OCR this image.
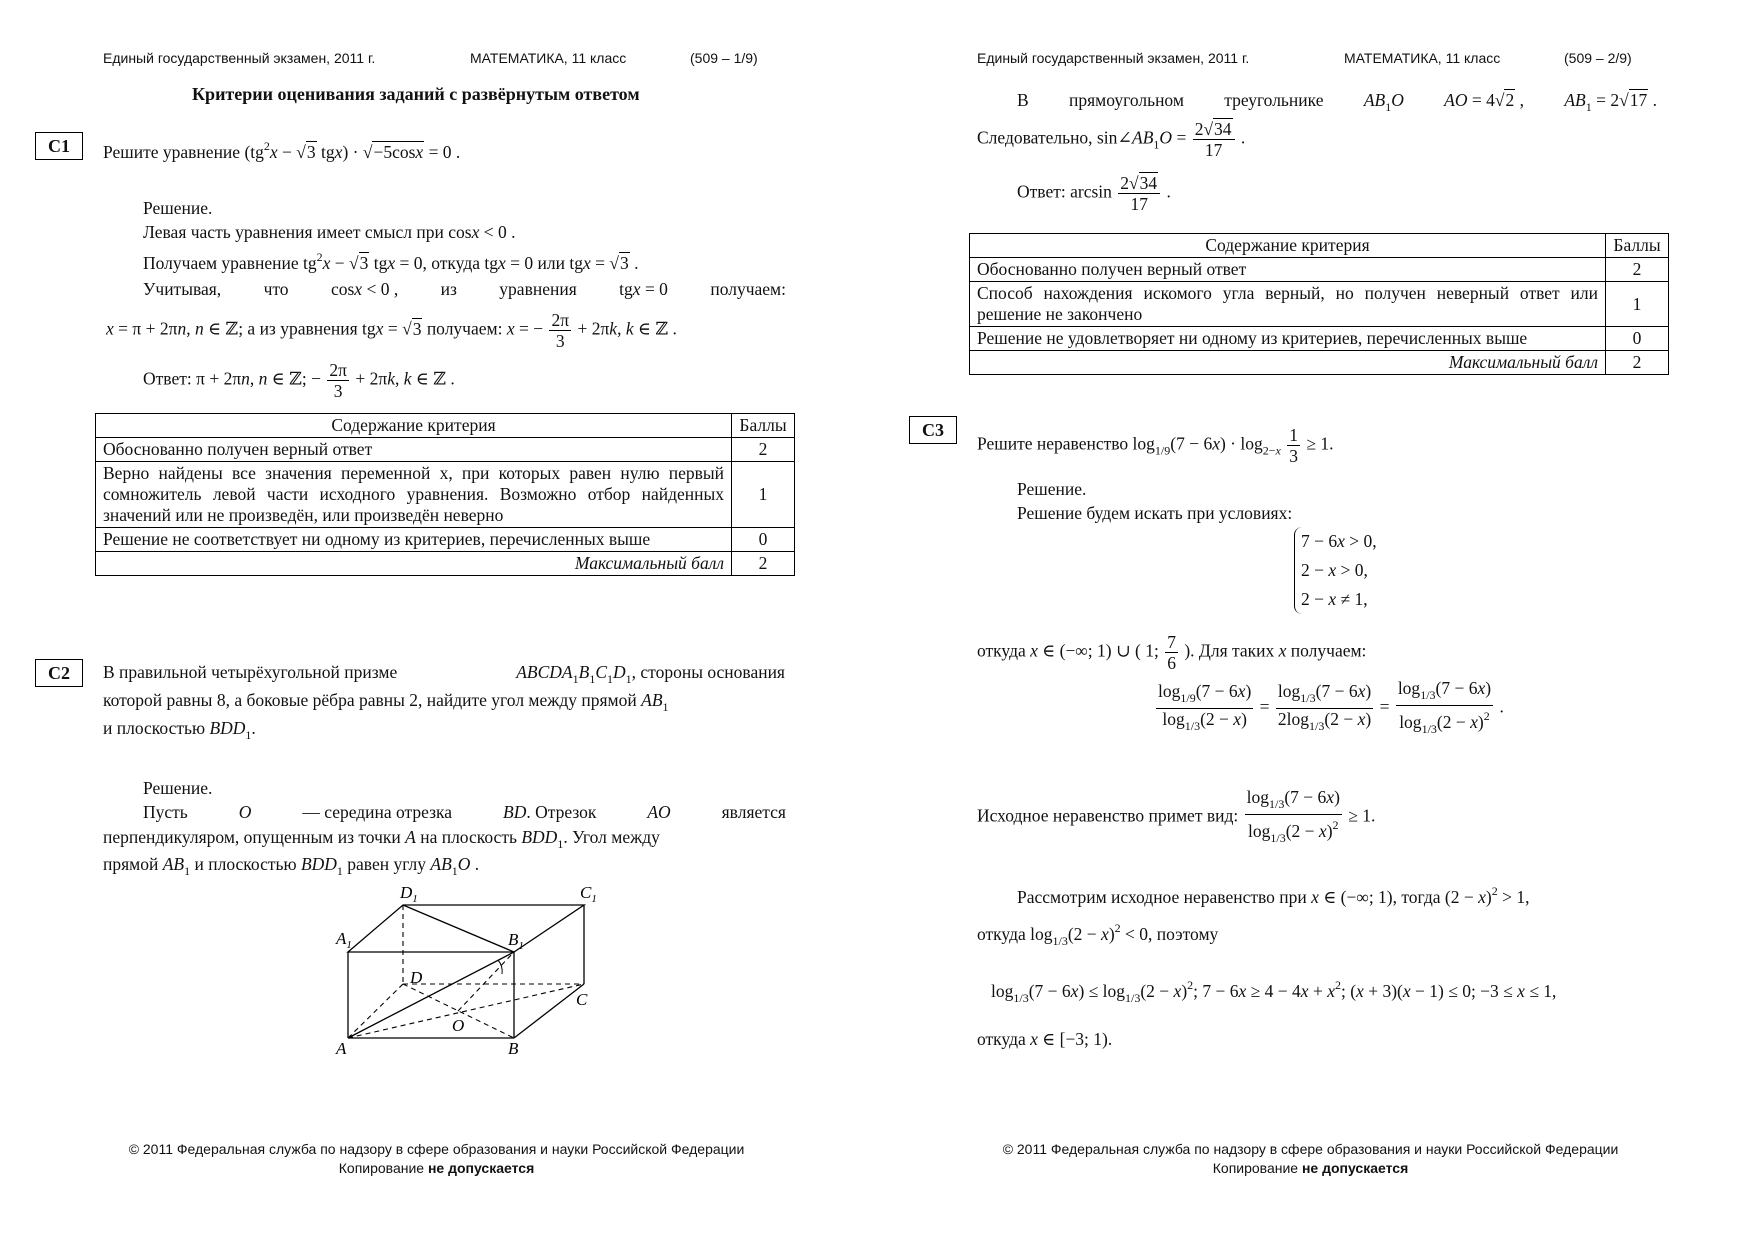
Единый государственный экзамен, 2011 г.	МАТЕМАТИКА, 11 класс	(509 – 1/9)
Критерии оценивания заданий с развёрнутым ответом
C1	Решите уравнение ($tg^2x - √3$ tgx) · √−5cosx = 0 .
Решение.
Левая часть уравнения имеет смысл при cosx < 0 .
Получаем уравнение $tg^2x - √3$ tgx = 0, откуда tgx = 0 или tgx = √3 .
Учитывая, что cosx < 0 , из уравнения tgx = 0 получаем:
x = π + 2πn, n ∈ ℤ; а из уравнения tgx = √3 получаем: x = − $\frac{2\pi}{3} + 2\pi k$, k ∈ ℤ .
Ответ: π + 2πn, n ∈ ℤ; − $\frac{2\pi}{3} + 2\pi k$, k ∈ ℤ .
Содержание критерия	Баллы
Обоснованно получен верный ответ	2
Верно найдены все значения переменной x, при которых равен нулю первый сомножитель левой части исходного уравнения. Возможно отбор найденных значений или не произведён, или произведён неверно	1
Решение не соответствует ни одному из критериев, перечисленных выше	0
Максимальный балл	2
C2	В правильной четырёхугольной призме	$ABCDA_1B_1C_1D_1$, стороны основания
которой равны 8, а боковые рёбра равны 2, найдите угол между прямой $AB_1$
и плоскостью $BDD_1$.
Решение.
Пусть	O	— середина отрезка	BD. Отрезок	AO	является
перпендикуляром, опущенным из точки A на плоскость $BDD_1$. Угол между
прямой $AB_1$ и плоскостью $BDD_1$ равен углу $AB_1O$ .
$D_1$	$C_1$
$A_1$	$B_1$
D
C
O
A	B
© 2011 Федеральная служба по надзору в сфере образования и науки Российской Федерации
Копирование не допускается
Единый государственный экзамен, 2011 г.	МАТЕМАТИКА, 11 класс	(509 – 2/9)
В прямоугольном треугольнике $AB_1O$ AO = 4√2 , $AB_1 = 2√17$ .
Следовательно, $\sin\angle AB_1O = \frac{2√34}{17}$ .
Ответ: $\arcsin \frac{2√34}{17}$ .
Содержание критерия	Баллы
Обоснованно получен верный ответ	2
Способ нахождения искомого угла верный, но получен неверный ответ или решение не закончено	1
Решение не удовлетворяет ни одному из критериев, перечисленных выше	0
Максимальный балл	2
C3
Решите неравенство $\log_{1/9}(7 - 6x) \cdot \log_{2-x} \frac{1}{3} \ge 1$.
Решение.
Решение будем искать при условиях:
7 − 6x > 0,
2 − x > 0,
2 − x ≠ 1,
откуда x ∈ (−∞; 1) ∪ ( 1; $\frac{7}{6}$ ). Для таких x получаем:
$\frac{\log_{1/9}(7 - 6x)}{\log_{1/3}(2 - x)} = \frac{\log_{1/3}(7 - 6x)}{2\log_{1/3}(2 - x)} = \frac{\log_{1/3}(7 - 6x)}{\log_{1/3}(2 - x)^2}$ .
Исходное неравенство примет вид: $\frac{\log_{1/3}(7 - 6x)}{\log_{1/3}(2 - x)^2} \ge 1$.
Рассмотрим исходное неравенство при x ∈ (−∞; 1), тогда $(2 - x)^2 > 1$,
откуда $\log_{1/3}(2 - x)^2 < 0$, поэтому
$\log_{1/3}(7 - 6x) \le \log_{1/3}(2 - x)^2$; $7 - 6x \ge 4 - 4x + x^2$; (x + 3)(x − 1) ≤ 0; −3 ≤ x ≤ 1,
откуда x ∈ [−3; 1).
© 2011 Федеральная служба по надзору в сфере образования и науки Российской Федерации
Копирование не допускается
